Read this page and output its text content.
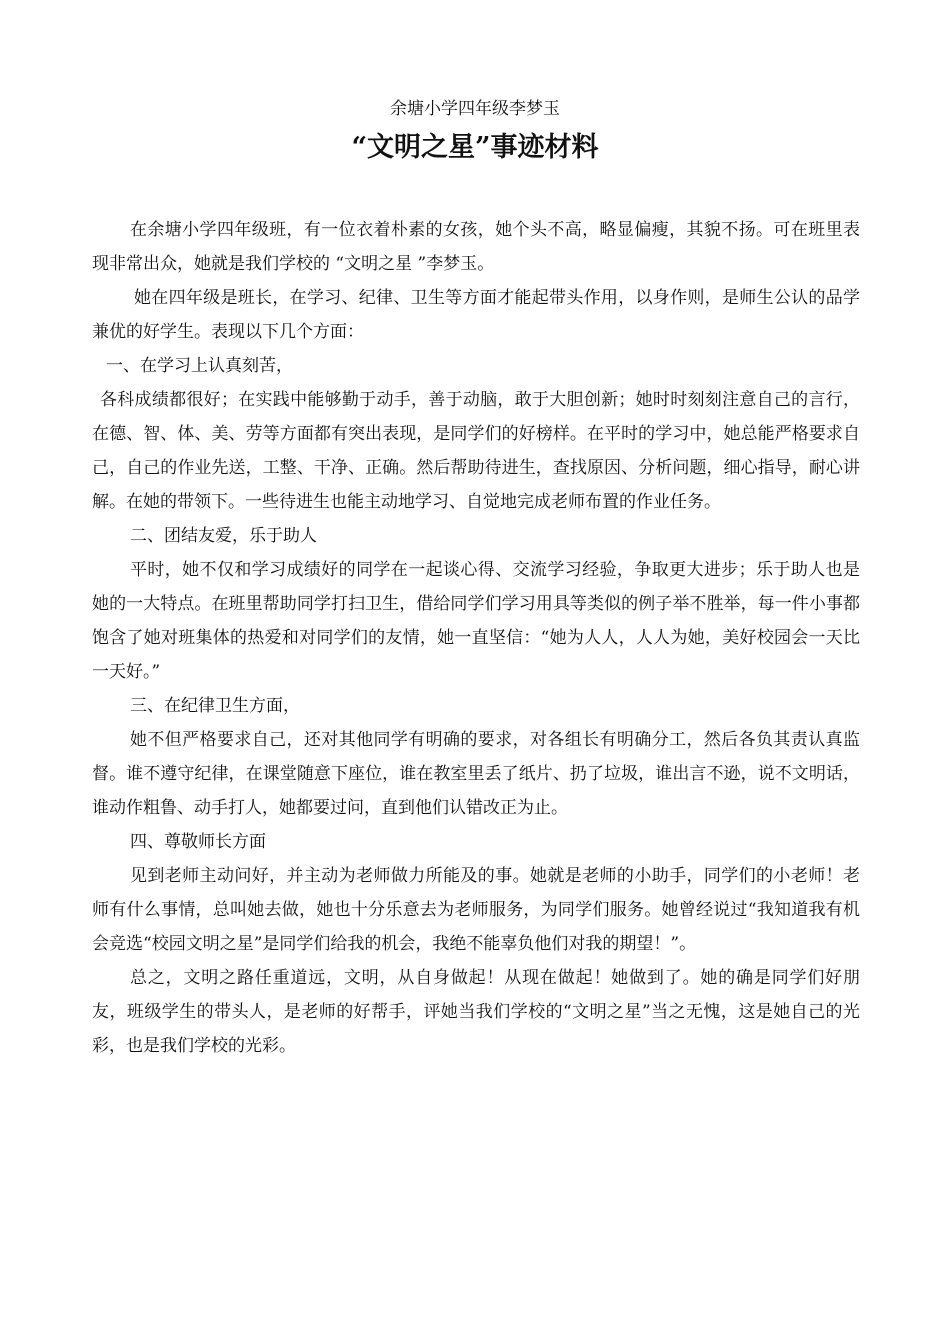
余塘小学四年级李梦玉
“文明之星”事迹材料

在余塘小学四年级班，有一位衣着朴素的女孩，她个头不高，略显偏瘦，其貌不扬。可在班里表现非常出众，她就是我们学校的 “文明之星 ”李梦玉。

她在四年级是班长，在学习、纪律、卫生等方面才能起带头作用，以身作则，是师生公认的品学兼优的好学生。表现以下几个方面：

一、在学习上认真刻苦，

各科成绩都很好；在实践中能够勤于动手，善于动脑，敢于大胆创新；她时时刻刻注意自己的言行，在德、智、体、美、劳等方面都有突出表现，是同学们的好榜样。在平时的学习中，她总能严格要求自己，自己的作业先送，工整、干净、正确。然后帮助待进生，查找原因、分析问题，细心指导，耐心讲解。在她的带领下。一些待进生也能主动地学习、自觉地完成老师布置的作业任务。

二、团结友爱，乐于助人

平时，她不仅和学习成绩好的同学在一起谈心得、交流学习经验，争取更大进步；乐于助人也是她的一大特点。在班里帮助同学打扫卫生，借给同学们学习用具等类似的例子举不胜举，每一件小事都饱含了她对班集体的热爱和对同学们的友情，她一直坚信：“她为人人，人人为她，美好校园会一天比一天好。”

三、在纪律卫生方面，

她不但严格要求自己，还对其他同学有明确的要求，对各组长有明确分工，然后各负其责认真监督。谁不遵守纪律，在课堂随意下座位，谁在教室里丢了纸片、扔了垃圾，谁出言不逊，说不文明话，谁动作粗鲁、动手打人，她都要过问，直到他们认错改正为止。

四、尊敬师长方面

见到老师主动问好，并主动为老师做力所能及的事。她就是老师的小助手，同学们的小老师！老师有什么事情，总叫她去做，她也十分乐意去为老师服务，为同学们服务。她曾经说过“我知道我有机会竞选“校园文明之星”是同学们给我的机会，我绝不能辜负他们对我的期望！”。

总之，文明之路任重道远，文明，从自身做起！从现在做起！她做到了。她的确是同学们好朋友，班级学生的带头人，是老师的好帮手，评她当我们学校的“文明之星”当之无愧，这是她自己的光彩，也是我们学校的光彩。
